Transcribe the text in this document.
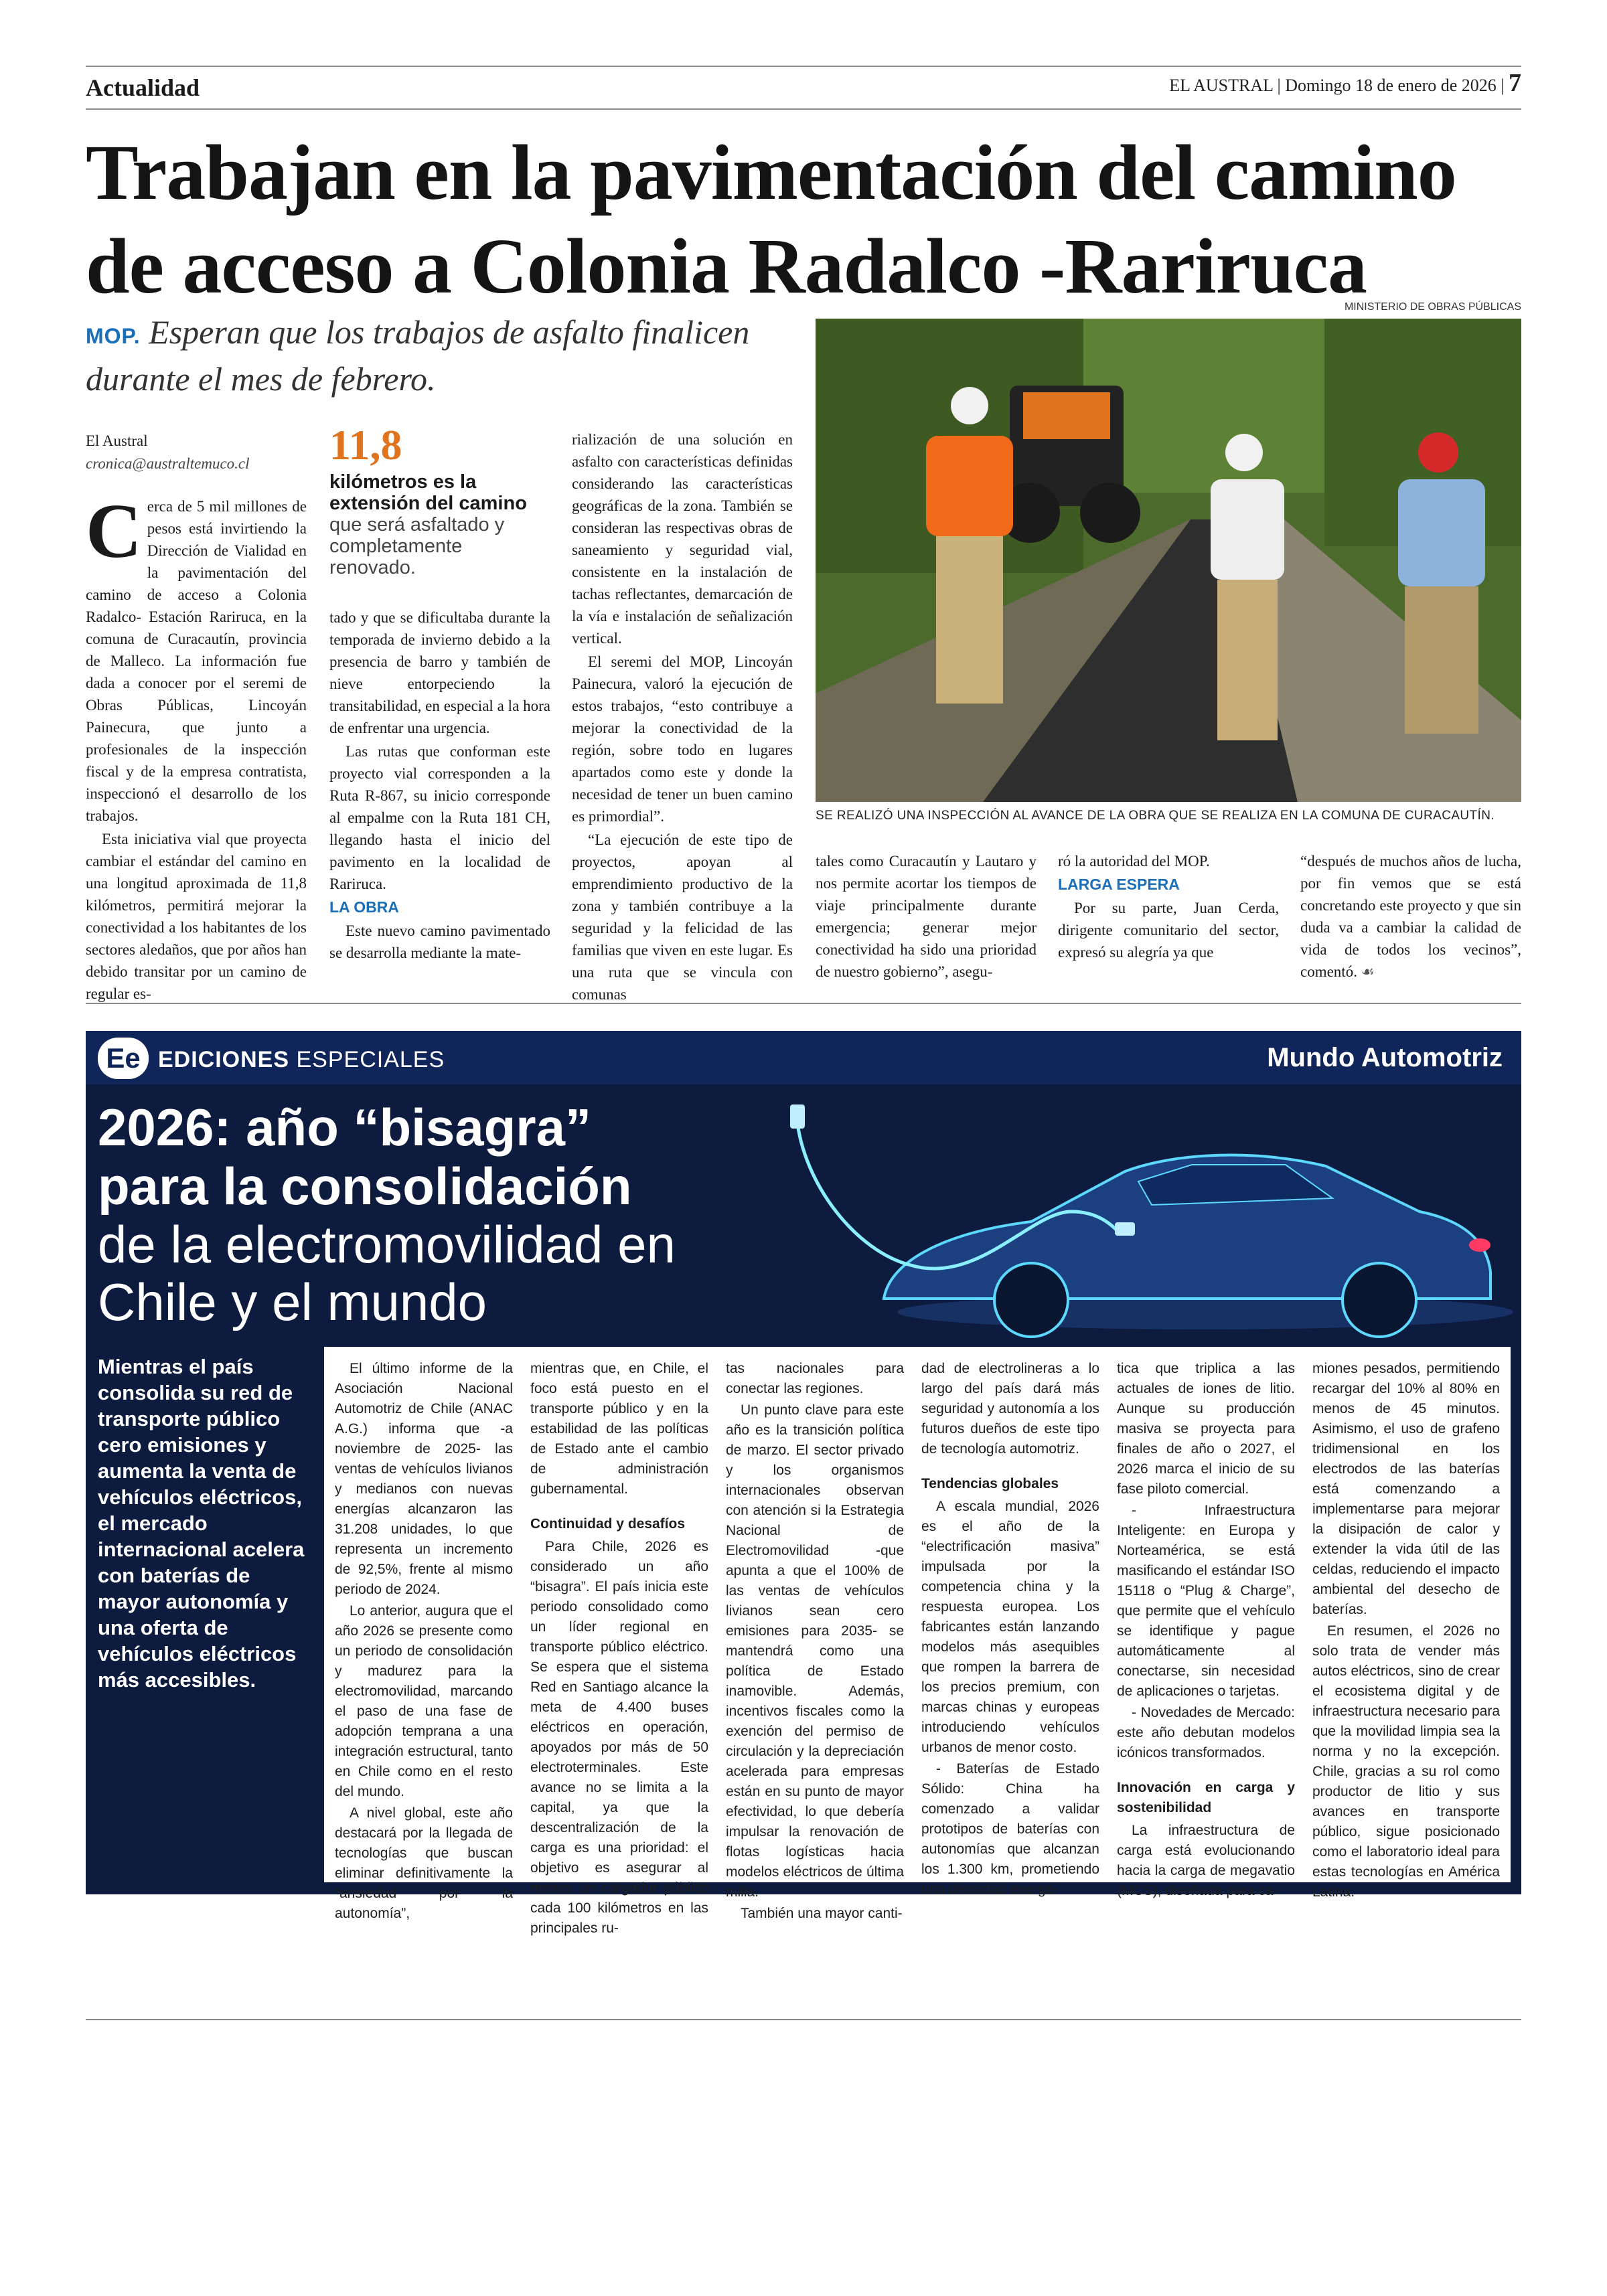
Actualidad	EL AUSTRAL | Domingo 18 de enero de 2026 | 7
Trabajan en la pavimentación del camino
de acceso a Colonia Radalco -Rariruca
MOP. Esperan que los trabajos de asfalto finalicen durante el mes de febrero.
El Austral
cronica@australtemuco.cl	11,8
kilómetros es la extensión del camino
que será asfaltado y completamente renovado.

Cerca de 5 mil millones de pesos está invirtiendo la Dirección de Vialidad en la pavimentación del camino de acceso a Colonia Radalco- Estación Rariruca, en la comuna de Curacautín, provincia de Malleco. La información fue dada a conocer por el seremi de Obras Públicas, Lincoyán Painecura, que junto a profesionales de la inspección fiscal y de la empresa contratista, inspeccionó el desarrollo de los trabajos.

Esta iniciativa vial que proyecta cambiar el estándar del camino en una longitud aproximada de 11,8 kilómetros, permitirá mejorar la conectividad a los habitantes de los sectores aledaños, que por años han debido transitar por un camino de regular es-

tado y que se dificultaba durante la temporada de invierno debido a la presencia de barro y también de nieve entorpeciendo la transitabilidad, en especial a la hora de enfrentar una urgencia.

Las rutas que conforman este proyecto vial corresponden a la Ruta R-867, su inicio corresponde al empalme con la Ruta 181 CH, llegando hasta el inicio del pavimento en la localidad de Rariruca.

LA OBRA

Este nuevo camino pavimentado se desarrolla mediante la mate-

rialización de una solución en asfalto con características definidas considerando las características geográficas de la zona. También se consideran las respectivas obras de saneamiento y seguridad vial, consistente en la instalación de tachas reflectantes, demarcación de la vía e instalación de señalización vertical.

El seremi del MOP, Lincoyán Painecura, valoró la ejecución de estos trabajos, “esto contribuye a mejorar la conectividad de la región, sobre todo en lugares apartados como este y donde la necesidad de tener un buen camino es primordial”.

“La ejecución de este tipo de proyectos, apoyan al emprendimiento productivo de la zona y también contribuye a la seguridad y la felicidad de las familias que viven en este lugar. Es una ruta que se vincula con comunas

MINISTERIO DE OBRAS PÚBLICAS
SE REALIZÓ UNA INSPECCIÓN AL AVANCE DE LA OBRA QUE SE REALIZA EN LA COMUNA DE CURACAUTÍN.

tales como Curacautín y Lautaro y nos permite acortar los tiempos de viaje principalmente durante emergencia; generar mejor conectividad ha sido una prioridad de nuestro gobierno”, asegu-

ró la autoridad del MOP.

LARGA ESPERA

Por su parte, Juan Cerda, dirigente comunitario del sector, expresó su alegría ya que

“después de muchos años de lucha, por fin vemos que se está concretando este proyecto y que sin duda va a cambiar la calidad de vida de todos los vecinos”, comentó. ☙

Ee EDICIONES ESPECIALES	Mundo Automotriz
2026: año “bisagra”
para la consolidación
de la electromovilidad en
Chile y el mundo
Mientras el país consolida su red de transporte público cero emisiones y aumenta la venta de vehículos eléctricos, el mercado internacional acelera con baterías de mayor autonomía y una oferta de vehículos eléctricos más accesibles.

El último informe de la Asociación Nacional Automotriz de Chile (ANAC A.G.) informa que -a noviembre de 2025- las ventas de vehículos livianos y medianos con nuevas energías alcanzaron las 31.208 unidades, lo que representa un incremento de 92,5%, frente al mismo periodo de 2024.

Lo anterior, augura que el año 2026 se presente como un periodo de consolidación y madurez para la electromovilidad, marcando el paso de una fase de adopción temprana a una integración estructural, tanto en Chile como en el resto del mundo.

A nivel global, este año destacará por la llegada de tecnologías que buscan eliminar definitivamente la “ansiedad por la autonomía”,

mientras que, en Chile, el foco está puesto en el transporte público y en la estabilidad de las políticas de Estado ante el cambio de administración gubernamental.

Continuidad y desafíos

Para Chile, 2026 es considerado un año “bisagra”. El país inicia este periodo consolidado como un líder regional en transporte público eléctrico. Se espera que el sistema Red en Santiago alcance la meta de 4.400 buses eléctricos en operación, apoyados por más de 50 electroterminales. Este avance no se limita a la capital, ya que la descentralización de la carga es una prioridad: el objetivo es asegurar al menos un cargador público cada 100 kilómetros en las principales ru-

tas nacionales para conectar las regiones.

Un punto clave para este año es la transición política de marzo. El sector privado y los organismos internacionales observan con atención si la Estrategia Nacional de Electromovilidad -que apunta a que el 100% de las ventas de vehículos livianos sean cero emisiones para 2035- se mantendrá como una política de Estado inamovible. Además, incentivos fiscales como la exención del permiso de circulación y la depreciación acelerada para empresas están en su punto de mayor efectividad, lo que debería impulsar la renovación de flotas logísticas hacia modelos eléctricos de última milla.

También una mayor canti-

dad de electrolineras a lo largo del país dará más seguridad y autonomía a los futuros dueños de este tipo de tecnología automotriz.

Tendencias globales

A escala mundial, 2026 es el año de la “electrificación masiva” impulsada por la competencia china y la respuesta europea. Los fabricantes están lanzando modelos más asequibles que rompen la barrera de los precios premium, con marcas chinas y europeas introduciendo vehículos urbanos de menor costo.

- Baterías de Estado Sólido: China ha comenzado a validar prototipos de baterías con autonomías que alcanzan los 1.300 km, prometiendo una densidad energé-

tica que triplica a las actuales de iones de litio. Aunque su producción masiva se proyecta para finales de año o 2027, el 2026 marca el inicio de su fase piloto comercial.

- Infraestructura Inteligente: en Europa y Norteamérica, se está masificando el estándar ISO 15118 o “Plug & Charge”, que permite que el vehículo se identifique y pague automáticamente al conectarse, sin necesidad de aplicaciones o tarjetas.

- Novedades de Mercado: este año debutan modelos icónicos transformados.

Innovación en carga y sostenibilidad

La infraestructura de carga está evolucionando hacia la carga de megavatio (MCS), diseñada para ca-

miones pesados, permitiendo recargar del 10% al 80% en menos de 45 minutos. Asimismo, el uso de grafeno tridimensional en los electrodos de las baterías está comenzando a implementarse para mejorar la disipación de calor y extender la vida útil de las celdas, reduciendo el impacto ambiental del desecho de baterías.

En resumen, el 2026 no solo trata de vender más autos eléctricos, sino de crear el ecosistema digital y de infraestructura necesario para que la movilidad limpia sea la norma y no la excepción. Chile, gracias a su rol como productor de litio y sus avances en transporte público, sigue posicionado como el laboratorio ideal para estas tecnologías en América Latina.
